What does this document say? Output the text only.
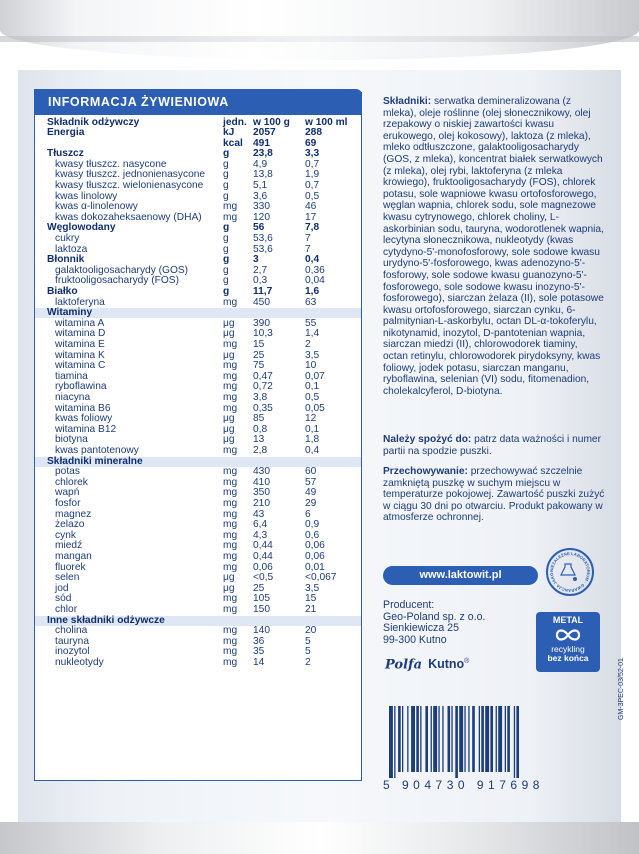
INFORMACJA ŻYWIENIOWA
Składnik odżywczy	jedn. w 100 g w 100 ml
Energia	kJ 2057	288
kcal 491	69
Tłuszcz	g 23,8	3,3
kwasy tłuszcz. nasycone	g 4,9	0,7
kwasy tłuszcz. jednonienasycone g 13,8	1,9
kwasy tłuszcz. wielonienasycone g 5,1	0,7
kwas linolowy	g 3,6	0,5
kwas α-linolenowy	mg 330	46
kwas dokozaheksaenowy (DHA) mg 120	17
Węglowodany	g 56	7,8
cukry	g 53,6	7
laktoza	g 53,6	7
Błonnik	g 3	0,4
galaktooligosacharydy (GOS)	g 2,7	0,36
fruktooligosacharydy (FOS)	g 0,3	0,04
Białko	g 11,7	1,6
laktoferyna	mg 450	63
Witaminy
witamina A	μg 390	55
witamina D	μg 10,3	1,4
witamina E	mg 15	2
witamina K	μg 25	3,5
witamina C	mg 75	10
tiamina	mg 0,47	0,07
ryboflawina	mg 0,72	0,1
niacyna	mg 3,8	0,5
witamina B6	mg 0,35	0,05
kwas foliowy	μg 85	12
witamina B12	μg 0,8	0,1
biotyna	μg 13	1,8
kwas pantotenowy	mg 2,8	0,4
Składniki mineralne
potas	mg 430	60
chlorek	mg 410	57
wapń	mg 350	49
fosfor	mg 210	29
magnez	mg 43	6
żelazo	mg 6,4	0,9
cynk	mg 4,3	0,6
miedź	mg 0,44	0,06
mangan	mg 0,44	0,06
fluorek	mg 0,06	0,01
selen	μg <0,5	<0,067
jod	μg 25	3,5
sód	mg 105	15
chlor	mg 150	21
Inne składniki odżywcze
cholina	mg 140	20
tauryna	mg 36	5
inozytol	mg 35	5
nukleotydy	mg 14	2

Składniki: serwatka demineralizowana (z mleka), oleje roślinne (olej słonecznikowy, olej rzepakowy o niskiej zawartości kwasu erukowego, olej kokosowy), laktoza (z mleka), mleko odtłuszczone, galaktooligosacharydy (GOS, z mleka), koncentrat białek serwatkowych (z mleka), olej rybi, laktoferyna (z mleka krowiego), fruktooligosacharydy (FOS), chlorek potasu, sole wapniowe kwasu ortofosforowego, węglan wapnia, chlorek sodu, sole magnezowe kwasu cytrynowego, chlorek choliny, L-askorbinian sodu, tauryna, wodorotlenek wapnia, lecytyna słonecznikowa, nukleotydy (kwas cytydyno-5'-monofosforowy, sole sodowe kwasu urydyno-5'-fosforowego, kwas adenozyno-5'-fosforowy, sole sodowe kwasu guanozyno-5'-fosforowego, sole sodowe kwasu inozyno-5'-fosforowego), siarczan żelaza (II), sole potasowe kwasu ortofosforowego, siarczan cynku, 6-palmitynian-L-askorbylu, octan DL-α-tokoferylu, nikotynamid, inozytol, D-pantotenian wapnia, siarczan miedzi (II), chlorowodorek tiaminy, octan retinylu, chlorowodorek pirydoksyny, kwas foliowy, jodek potasu, siarczan manganu, ryboflawina, selenian (VI) sodu, fitomenadion, cholekalcyferol, D-biotyna.

Należy spożyć do: patrz data ważności i numer partii na spodzie puszki.

Przechowywanie: przechowywać szczelnie zamkniętą puszkę w suchym miejscu w temperaturze pokojowej. Zawartość puszki zużyć w ciągu 30 dni po otwarciu. Produkt pakowany w atmosferze ochronnej.

www.laktowit.pl	NIEZALEŻNE LABORATORIUM · GWARANCJA JAKO
Producent:
Geo-Poland sp. z o.o.
Sienkiewicza 25
99-300 Kutno
METAL
recykling
bez końca
Polfa Kutno®
5 904730 917698
GM-3PEC-03/52-01
